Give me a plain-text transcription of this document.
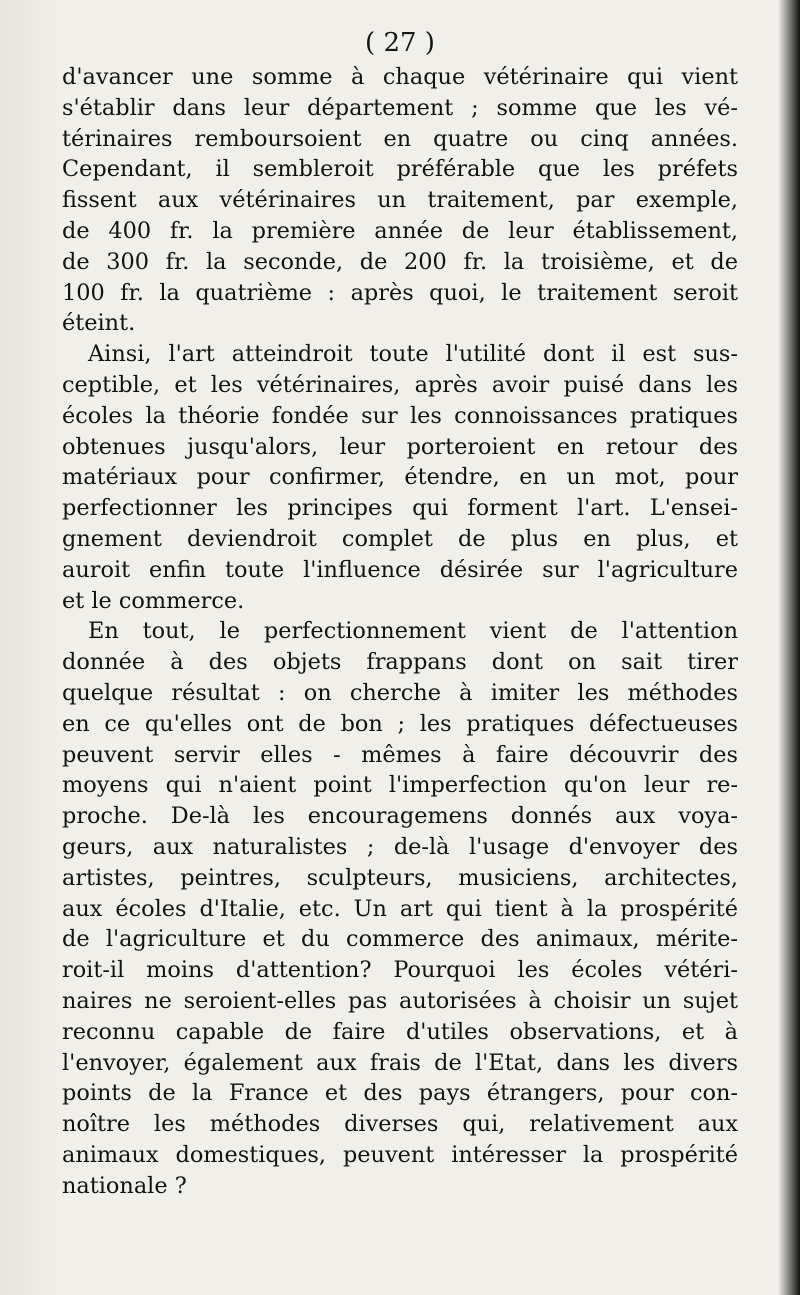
( 27 )
d'avancer une somme à chaque vétérinaire qui vient
s'établir dans leur département ; somme que les vé-
térinaires remboursoient en quatre ou cinq années.
Cependant, il sembleroit préférable que les préfets
fissent aux vétérinaires un traitement, par exemple,
de 400 fr. la première année de leur établissement,
de 300 fr. la seconde, de 200 fr. la troisième, et de
100 fr. la quatrième : après quoi, le traitement seroit
éteint.
Ainsi, l'art atteindroit toute l'utilité dont il est sus-
ceptible, et les vétérinaires, après avoir puisé dans les
écoles la théorie fondée sur les connoissances pratiques
obtenues jusqu'alors, leur porteroient en retour des
matériaux pour confirmer, étendre, en un mot, pour
perfectionner les principes qui forment l'art. L'ensei-
gnement deviendroit complet de plus en plus, et
auroit enfin toute l'influence désirée sur l'agriculture
et le commerce.
En tout, le perfectionnement vient de l'attention
donnée à des objets frappans dont on sait tirer
quelque résultat : on cherche à imiter les méthodes
en ce qu'elles ont de bon ; les pratiques défectueuses
peuvent servir elles - mêmes à faire découvrir des
moyens qui n'aient point l'imperfection qu'on leur re-
proche. De-là les encouragemens donnés aux voya-
geurs, aux naturalistes ; de-là l'usage d'envoyer des
artistes, peintres, sculpteurs, musiciens, architectes,
aux écoles d'Italie, etc. Un art qui tient à la prospérité
de l'agriculture et du commerce des animaux, mérite-
roit-il moins d'attention? Pourquoi les écoles vétéri-
naires ne seroient-elles pas autorisées à choisir un sujet
reconnu capable de faire d'utiles observations, et à
l'envoyer, également aux frais de l'Etat, dans les divers
points de la France et des pays étrangers, pour con-
noître les méthodes diverses qui, relativement aux
animaux domestiques, peuvent intéresser la prospérité
nationale ?
